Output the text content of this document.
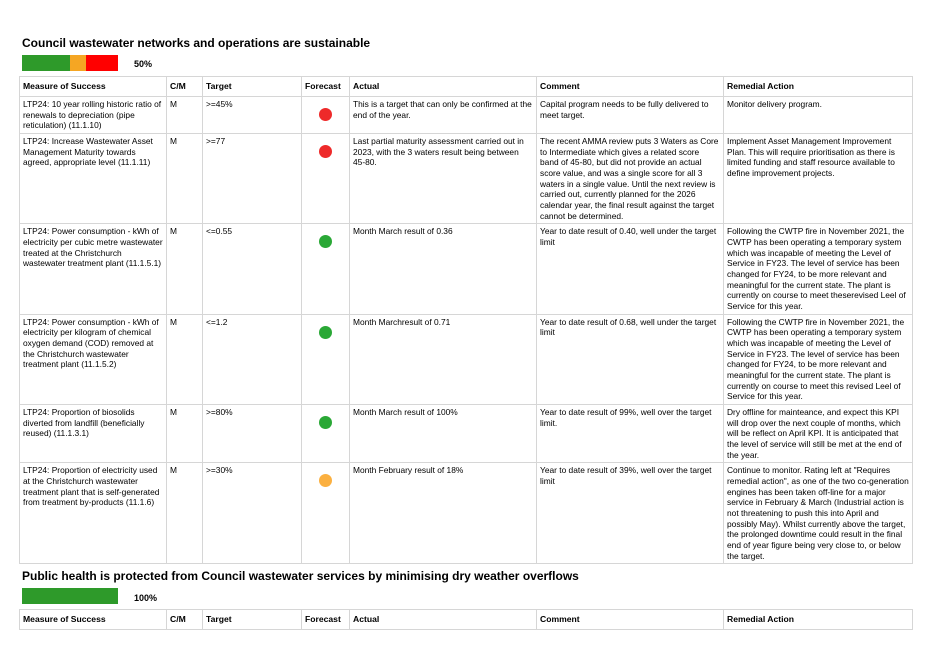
Council wastewater networks and operations are sustainable
50%
Measure of Success	C/M	Target	Forecast	Actual	Comment	Remedial Action
LTP24: 10 year rolling historic ratio of renewals to depreciation (pipe reticulation) (11.1.10)	M	>=45%		This is a target that can only be confirmed at the end of the year.	Capital program needs to be fully delivered to meet target.	Monitor delivery program.
LTP24: Increase Wastewater Asset Management Maturity towards agreed, appropriate level (11.1.11)	M	>=77		Last partial maturity assessment carried out in 2023, with the 3 waters result being between 45-80.	The recent AMMA review puts 3 Waters as Core to Intermediate which gives a related score band of 45-80, but did not provide an actual score value, and was a single score for all 3 waters in a single value. Until the next review is carried out, currently planned for the 2026 calendar year, the final result against the target cannot be determined.	Implement Asset Management Improvement Plan. This will require prioritisation as there is limited funding and staff resource available to define improvement projects.
LTP24: Power consumption - kWh of electricity per cubic metre wastewater treated at the Christchurch wastewater treatment plant (11.1.5.1)	M	<=0.55		Month March result of 0.36	Year to date result of 0.40, well under the target limit	Following the CWTP fire in November 2021, the CWTP has been operating a temporary system which was incapable of meeting the Level of Service in FY23. The level of service has been changed for FY24, to be more relevant and meaningful for the current state. The plant is currently on course to meet theserevised Leel of Service for this year.
LTP24: Power consumption - kWh of electricity per kilogram of chemical oxygen demand (COD) removed at the Christchurch wastewater treatment plant (11.1.5.2)	M	<=1.2		Month Marchresult of 0.71	Year to date result of 0.68, well under the target limit	Following the CWTP fire in November 2021, the CWTP has been operating a temporary system which was incapable of meeting the Level of Service in FY23. The level of service has been changed for FY24, to be more relevant and meaningful for the current state. The plant is currently on course to meet this revised Leel of Service for this year.
LTP24: Proportion of biosolids diverted from landfill (beneficially reused) (11.1.3.1)	M	>=80%		Month March result of 100%	Year to date result of 99%, well over the target limit.	Dry offline for mainteance, and expect this KPI will drop over the next couple of months, which will be reflect on April KPI. It is anticipated that the level of service will still be met at the end of the year.
LTP24: Proportion of electricity used at the Christchurch wastewater treatment plant that is self-generated from treatment by-products (11.1.6)	M	>=30%		Month February result of 18%	Year to date result of 39%, well over the target limit	Continue to monitor. Rating left at "Requires remedial action", as one of the two co-generation engines has been taken off-line for a major service in February & March (Industrial action is not threatening to push this into April and possibly May). Whilst currently above the target, the prolonged downtime could result in the final end of year figure being very close to, or below the target.
Public health is protected from Council wastewater services by minimising dry weather overflows
100%
Measure of Success	C/M	Target	Forecast	Actual	Comment	Remedial Action
